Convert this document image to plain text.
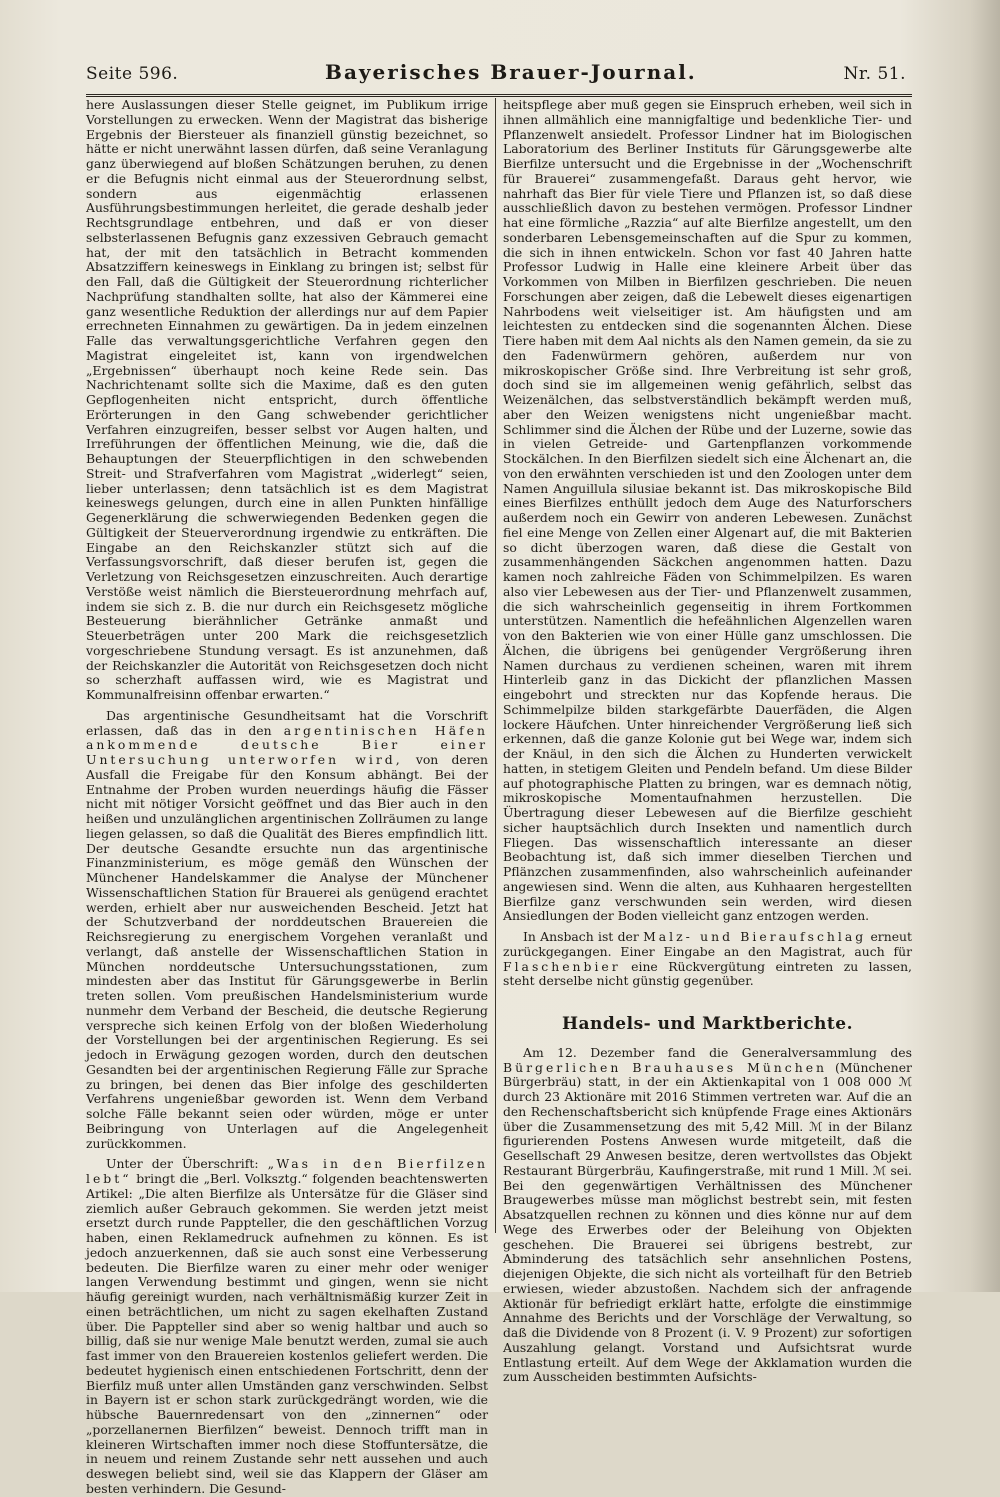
Seite 596.	Bayerisches Brauer-Journal.	Nr. 51.

here Auslassungen dieser Stelle geignet, im Publikum irrige Vorstellungen zu erwecken. Wenn der Magistrat das bisherige Ergebnis der Biersteuer als finanziell günstig bezeichnet, so hätte er nicht unerwähnt lassen dürfen, daß seine Veranlagung ganz überwiegend auf bloßen Schätzungen beruhen, zu denen er die Befugnis nicht einmal aus der Steuerordnung selbst, sondern aus eigenmächtig erlassenen Ausführungsbestimmungen herleitet, die gerade deshalb jeder Rechtsgrundlage entbehren, und daß er von dieser selbsterlassenen Befugnis ganz exzessiven Gebrauch gemacht hat, der mit den tatsächlich in Betracht kommenden Absatzziffern keineswegs in Einklang zu bringen ist; selbst für den Fall, daß die Gültigkeit der Steuerordnung richterlicher Nachprüfung standhalten sollte, hat also der Kämmerei eine ganz wesentliche Reduktion der allerdings nur auf dem Papier errechneten Einnahmen zu gewärtigen. Da in jedem einzelnen Falle das verwaltungsgerichtliche Verfahren gegen den Magistrat eingeleitet ist, kann von irgendwelchen „Ergebnissen“ überhaupt noch keine Rede sein. Das Nachrichtenamt sollte sich die Maxime, daß es den guten Gepflogenheiten nicht entspricht, durch öffentliche Erörterungen in den Gang schwebender gerichtlicher Verfahren einzugreifen, besser selbst vor Augen halten, und Irreführungen der öffentlichen Meinung, wie die, daß die Behauptungen der Steuerpflichtigen in den schwebenden Streit- und Strafverfahren vom Magistrat „widerlegt“ seien, lieber unterlassen; denn tatsächlich ist es dem Magistrat keineswegs gelungen, durch eine in allen Punkten hinfällige Gegenerklärung die schwerwiegenden Bedenken gegen die Gültigkeit der Steuerverordnung irgendwie zu entkräften. Die Eingabe an den Reichskanzler stützt sich auf die Verfassungsvorschrift, daß dieser berufen ist, gegen die Verletzung von Reichsgesetzen einzuschreiten. Auch derartige Verstöße weist nämlich die Biersteuerordnung mehrfach auf, indem sie sich z. B. die nur durch ein Reichsgesetz mögliche Besteuerung bierähnlicher Getränke anmaßt und Steuerbeträgen unter 200 Mark die reichsgesetzlich vorgeschriebene Stundung versagt. Es ist anzunehmen, daß der Reichskanzler die Autorität von Reichsgesetzen doch nicht so scherzhaft auffassen wird, wie es Magistrat und Kommunalfreisinn offenbar erwarten.“

Das argentinische Gesundheitsamt hat die Vorschrift erlassen, daß das in den argentinischen Häfen ankommende deutsche Bier einer Untersuchung unterworfen wird, von deren Ausfall die Freigabe für den Konsum abhängt. Bei der Entnahme der Proben wurden neuerdings häufig die Fässer nicht mit nötiger Vorsicht geöffnet und das Bier auch in den heißen und unzulänglichen argentinischen Zollräumen zu lange liegen gelassen, so daß die Qualität des Bieres empfindlich litt. Der deutsche Gesandte ersuchte nun das argentinische Finanzministerium, es möge gemäß den Wünschen der Münchener Handelskammer die Analyse der Münchener Wissenschaftlichen Station für Brauerei als genügend erachtet werden, erhielt aber nur ausweichenden Bescheid. Jetzt hat der Schutzverband der norddeutschen Brauereien die Reichsregierung zu energischem Vorgehen veranlaßt und verlangt, daß anstelle der Wissenschaftlichen Station in München norddeutsche Untersuchungsstationen, zum mindesten aber das Institut für Gärungsgewerbe in Berlin treten sollen. Vom preußischen Handelsministerium wurde nunmehr dem Verband der Bescheid, die deutsche Regierung verspreche sich keinen Erfolg von der bloßen Wiederholung der Vorstellungen bei der argentinischen Regierung. Es sei jedoch in Erwägung gezogen worden, durch den deutschen Gesandten bei der argentinischen Regierung Fälle zur Sprache zu bringen, bei denen das Bier infolge des geschilderten Verfahrens ungenießbar geworden ist. Wenn dem Verband solche Fälle bekannt seien oder würden, möge er unter Beibringung von Unterlagen auf die Angelegenheit zurückkommen.

Unter der Überschrift: „Was in den Bierfilzen lebt“ bringt die „Berl. Volksztg.“ folgenden beachtenswerten Artikel: „Die alten Bierfilze als Untersätze für die Gläser sind ziemlich außer Gebrauch gekommen. Sie werden jetzt meist ersetzt durch runde Pappteller, die den geschäftlichen Vorzug haben, einen Reklamedruck aufnehmen zu können. Es ist jedoch anzuerkennen, daß sie auch sonst eine Verbesserung bedeuten. Die Bierfilze waren zu einer mehr oder weniger langen Verwendung bestimmt und gingen, wenn sie nicht häufig gereinigt wurden, nach verhältnismäßig kurzer Zeit in einen beträchtlichen, um nicht zu sagen ekelhaften Zustand über. Die Pappteller sind aber so wenig haltbar und auch so billig, daß sie nur wenige Male benutzt werden, zumal sie auch fast immer von den Brauereien kostenlos geliefert werden. Die bedeutet hygienisch einen entschiedenen Fortschritt, denn der Bierfilz muß unter allen Umständen ganz verschwinden. Selbst in Bayern ist er schon stark zurückgedrängt worden, wie die hübsche Bauernredensart von den „zinnernen“ oder „porzellanernen Bierfilzen“ beweist. Dennoch trifft man in kleineren Wirtschaften immer noch diese Stoffuntersätze, die in neuem und reinem Zustande sehr nett aussehen und auch deswegen beliebt sind, weil sie das Klappern der Gläser am besten verhindern. Die Gesund-

heitspflege aber muß gegen sie Einspruch erheben, weil sich in ihnen allmählich eine mannigfaltige und bedenkliche Tier- und Pflanzenwelt ansiedelt. Professor Lindner hat im Biologischen Laboratorium des Berliner Instituts für Gärungsgewerbe alte Bierfilze untersucht und die Ergebnisse in der „Wochenschrift für Brauerei“ zusammengefaßt. Daraus geht hervor, wie nahrhaft das Bier für viele Tiere und Pflanzen ist, so daß diese ausschließlich davon zu bestehen vermögen. Professor Lindner hat eine förmliche „Razzia“ auf alte Bierfilze angestellt, um den sonderbaren Lebensgemeinschaften auf die Spur zu kommen, die sich in ihnen entwickeln. Schon vor fast 40 Jahren hatte Professor Ludwig in Halle eine kleinere Arbeit über das Vorkommen von Milben in Bierfilzen geschrieben. Die neuen Forschungen aber zeigen, daß die Lebewelt dieses eigenartigen Nahrbodens weit vielseitiger ist. Am häufigsten und am leichtesten zu entdecken sind die sogenannten Älchen. Diese Tiere haben mit dem Aal nichts als den Namen gemein, da sie zu den Fadenwürmern gehören, außerdem nur von mikroskopischer Größe sind. Ihre Verbreitung ist sehr groß, doch sind sie im allgemeinen wenig gefährlich, selbst das Weizenälchen, das selbstverständlich bekämpft werden muß, aber den Weizen wenigstens nicht ungenießbar macht. Schlimmer sind die Älchen der Rübe und der Luzerne, sowie das in vielen Getreide- und Gartenpflanzen vorkommende Stockälchen. In den Bierfilzen siedelt sich eine Älchenart an, die von den erwähnten verschieden ist und den Zoologen unter dem Namen Anguillula silusiae bekannt ist. Das mikroskopische Bild eines Bierfilzes enthüllt jedoch dem Auge des Naturforschers außerdem noch ein Gewirr von anderen Lebewesen. Zunächst fiel eine Menge von Zellen einer Algenart auf, die mit Bakterien so dicht überzogen waren, daß diese die Gestalt von zusammenhängenden Säckchen angenommen hatten. Dazu kamen noch zahlreiche Fäden von Schimmelpilzen. Es waren also vier Lebewesen aus der Tier- und Pflanzenwelt zusammen, die sich wahrscheinlich gegenseitig in ihrem Fortkommen unterstützen. Namentlich die hefeähnlichen Algenzellen waren von den Bakterien wie von einer Hülle ganz umschlossen. Die Älchen, die übrigens bei genügender Vergrößerung ihren Namen durchaus zu verdienen scheinen, waren mit ihrem Hinterleib ganz in das Dickicht der pflanzlichen Massen eingebohrt und streckten nur das Kopfende heraus. Die Schimmelpilze bilden starkgefärbte Dauerfäden, die Algen lockere Häufchen. Unter hinreichender Vergrößerung ließ sich erkennen, daß die ganze Kolonie gut bei Wege war, indem sich der Knäul, in den sich die Älchen zu Hunderten verwickelt hatten, in stetigem Gleiten und Pendeln befand. Um diese Bilder auf photographische Platten zu bringen, war es demnach nötig, mikroskopische Momentaufnahmen herzustellen. Die Übertragung dieser Lebewesen auf die Bierfilze geschieht sicher hauptsächlich durch Insekten und namentlich durch Fliegen. Das wissenschaftlich interessante an dieser Beobachtung ist, daß sich immer dieselben Tierchen und Pflänzchen zusammenfinden, also wahrscheinlich aufeinander angewiesen sind. Wenn die alten, aus Kuhhaaren hergestellten Bierfilze ganz verschwunden sein werden, wird diesen Ansiedlungen der Boden vielleicht ganz entzogen werden.

In Ansbach ist der Malz- und Bieraufschlag erneut zurückgegangen. Einer Eingabe an den Magistrat, auch für Flaschenbier eine Rückvergütung eintreten zu lassen, steht derselbe nicht günstig gegenüber.

Handels- und Marktberichte.

Am 12. Dezember fand die Generalversammlung des Bürgerlichen Brauhauses München (Münchener Bürgerbräu) statt, in der ein Aktienkapital von 1 008 000 ℳ durch 23 Aktionäre mit 2016 Stimmen vertreten war. Auf die an den Rechenschaftsbericht sich knüpfende Frage eines Aktionärs über die Zusammensetzung des mit 5,42 Mill. ℳ in der Bilanz figurierenden Postens Anwesen wurde mitgeteilt, daß die Gesellschaft 29 Anwesen besitze, deren wertvollstes das Objekt Restaurant Bürgerbräu, Kaufingerstraße, mit rund 1 Mill. ℳ sei. Bei den gegenwärtigen Verhältnissen des Münchener Braugewerbes müsse man möglichst bestrebt sein, mit festen Absatzquellen rechnen zu können und dies könne nur auf dem Wege des Erwerbes oder der Beleihung von Objekten geschehen. Die Brauerei sei übrigens bestrebt, zur Abminderung des tatsächlich sehr ansehnlichen Postens, diejenigen Objekte, die sich nicht als vorteilhaft für den Betrieb erwiesen, wieder abzustoßen. Nachdem sich der anfragende Aktionär für befriedigt erklärt hatte, erfolgte die einstimmige Annahme des Berichts und der Vorschläge der Verwaltung, so daß die Dividende von 8 Prozent (i. V. 9 Prozent) zur sofortigen Auszahlung gelangt. Vorstand und Aufsichtsrat wurde Entlastung erteilt. Auf dem Wege der Akklamation wurden die zum Ausscheiden bestimmten Aufsichts-
